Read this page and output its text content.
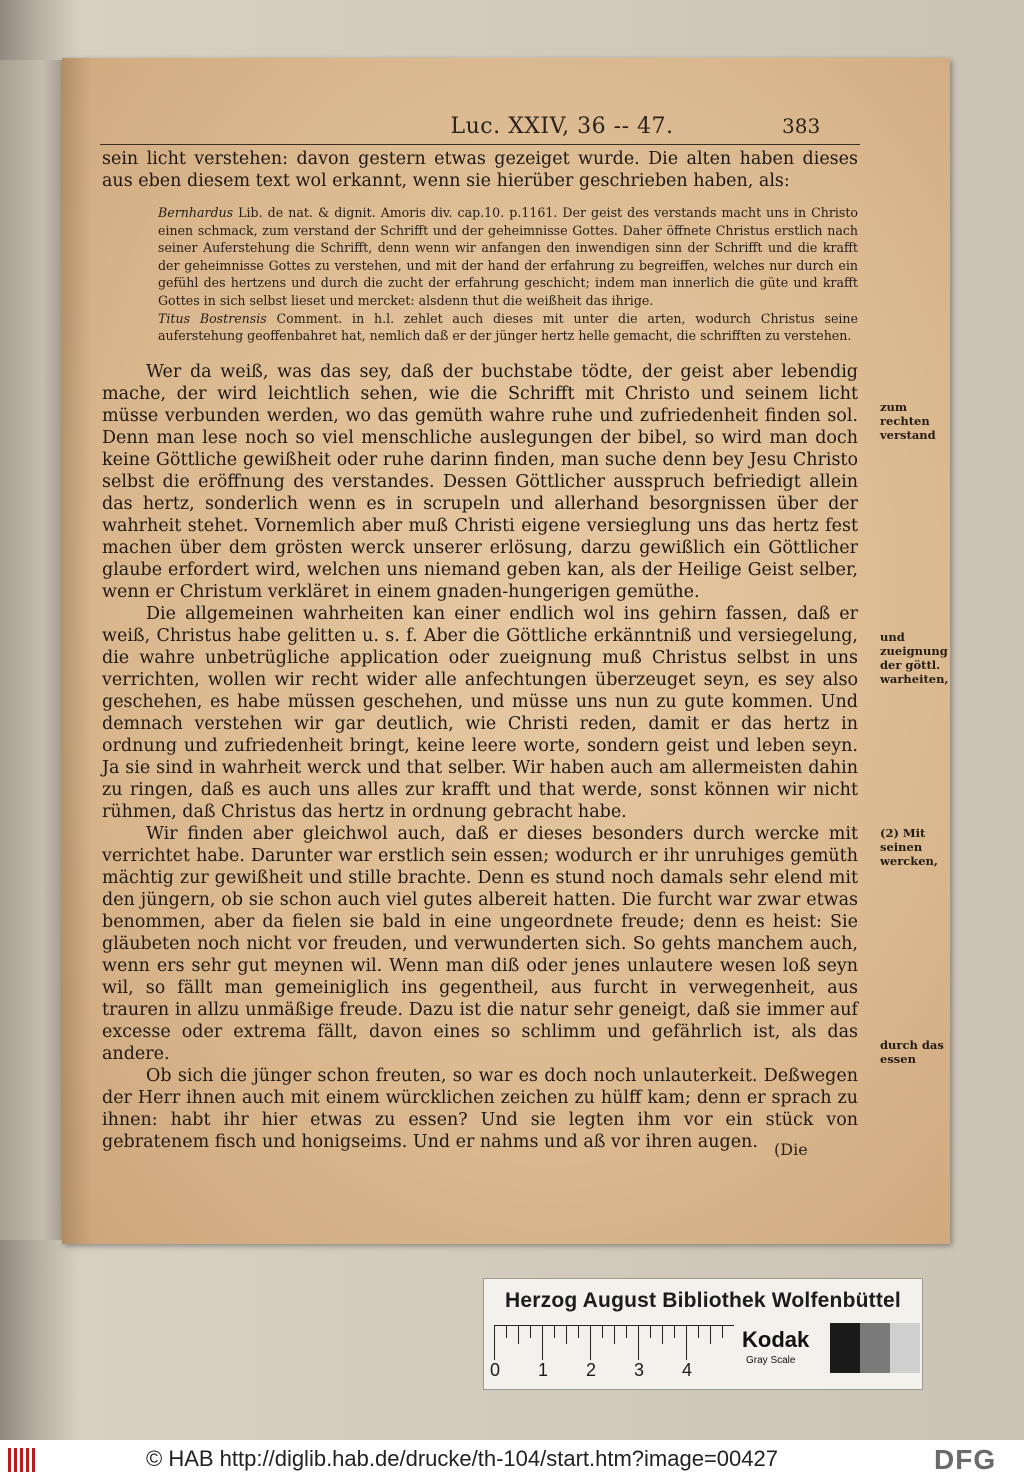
Luc. XXIV, 36 -- 47.	383

sein licht verstehen: davon gestern etwas gezeiget wurde. Die alten haben dieses aus eben diesem text wol erkannt, wenn sie hierüber geschrieben haben, als:

Bernhardus Lib. de nat. & dignit. Amoris div. cap.10. p.1161. Der geist des verstands macht uns in Christo einen schmack, zum verstand der Schrifft und der geheimnisse Gottes. Daher öffnete Christus erstlich nach seiner Auferstehung die Schrifft, denn wenn wir anfangen den inwendigen sinn der Schrifft und die krafft der geheimnisse Gottes zu verstehen, und mit der hand der erfahrung zu begreiffen, welches nur durch ein gefühl des hertzens und durch die zucht der erfahrung geschicht; indem man innerlich die güte und krafft Gottes in sich selbst lieset und mercket: alsdenn thut die weißheit das ihrige.

Titus Bostrensis Comment. in h.l. zehlet auch dieses mit unter die arten, wodurch Christus seine auferstehung geoffenbahret hat, nemlich daß er der jünger hertz helle gemacht, die schrifften zu verstehen.

Wer da weiß, was das sey, daß der buchstabe tödte, der geist aber lebendig mache, der wird leichtlich sehen, wie die Schrifft mit Christo und seinem licht müsse verbunden werden, wo das gemüth wahre ruhe und zufriedenheit finden sol. Denn man lese noch so viel menschliche auslegungen der bibel, so wird man doch keine Göttliche gewißheit oder ruhe darinn finden, man suche denn bey Jesu Christo selbst die eröffnung des verstandes. Dessen Göttlicher ausspruch befriedigt allein das hertz, sonderlich wenn es in scrupeln und allerhand besorgnissen über der wahrheit stehet. Vornemlich aber muß Christi eigene versieglung uns das hertz fest machen über dem grösten werck unserer erlösung, darzu gewißlich ein Göttlicher glaube erfordert wird, welchen uns niemand geben kan, als der Heilige Geist selber, wenn er Christum verkläret in einem gnaden-hungerigen gemüthe.

Die allgemeinen wahrheiten kan einer endlich wol ins gehirn fassen, daß er weiß, Christus habe gelitten u. s. f. Aber die Göttliche erkänntniß und versiegelung, die wahre unbetrügliche application oder zueignung muß Christus selbst in uns verrichten, wollen wir recht wider alle anfechtungen überzeuget seyn, es sey also geschehen, es habe müssen geschehen, und müsse uns nun zu gute kommen. Und demnach verstehen wir gar deutlich, wie Christi reden, damit er das hertz in ordnung und zufriedenheit bringt, keine leere worte, sondern geist und leben seyn. Ja sie sind in wahrheit werck und that selber. Wir haben auch am allermeisten dahin zu ringen, daß es auch uns alles zur krafft und that werde, sonst können wir nicht rühmen, daß Christus das hertz in ordnung gebracht habe.

Wir finden aber gleichwol auch, daß er dieses besonders durch wercke mit verrichtet habe. Darunter war erstlich sein essen; wodurch er ihr unruhiges gemüth mächtig zur gewißheit und stille brachte. Denn es stund noch damals sehr elend mit den jüngern, ob sie schon auch viel gutes albereit hatten. Die furcht war zwar etwas benommen, aber da fielen sie bald in eine ungeordnete freude; denn es heist: Sie gläubeten noch nicht vor freuden, und verwunderten sich. So gehts manchem auch, wenn ers sehr gut meynen wil. Wenn man diß oder jenes unlautere wesen loß seyn wil, so fällt man gemeiniglich ins gegentheil, aus furcht in verwegenheit, aus trauren in allzu unmäßige freude. Dazu ist die natur sehr geneigt, daß sie immer auf excesse oder extrema fällt, davon eines so schlimm und gefährlich ist, als das andere.

Ob sich die jünger schon freuten, so war es doch noch unlauterkeit. Deßwegen der Herr ihnen auch mit einem würcklichen zeichen zu hülff kam; denn er sprach zu ihnen: habt ihr hier etwas zu essen? Und sie legten ihm vor ein stück von gebratenem fisch und honigseims. Und er nahms und aß vor ihren augen.

zum rechten verstand
und zueignung der göttl. warheiten,
(2) Mit seinen wercken,
durch das essen
(Die
Herzog August Bibliothek Wolfenbüttel
0 1 2 3 4
Kodak
Gray Scale
© HAB http://diglib.hab.de/drucke/th-104/start.htm?image=00427	DFG
